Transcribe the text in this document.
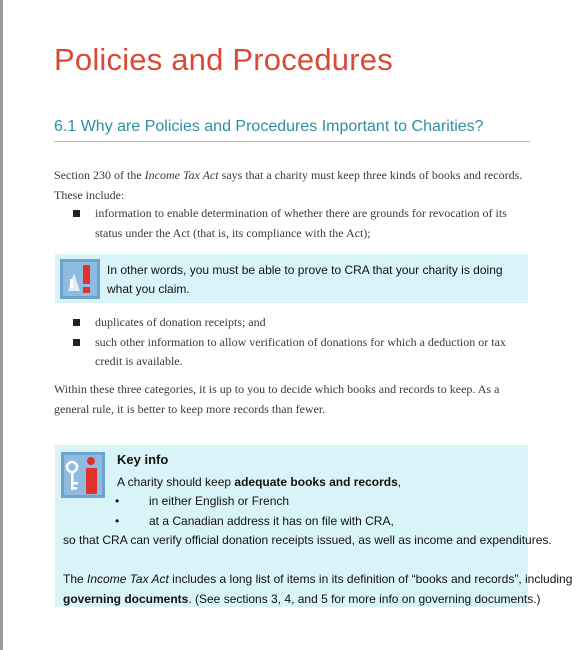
Policies and Procedures
6.1 Why are Policies and Procedures Important to Charities?
Section 230 of the Income Tax Act says that a charity must keep three kinds of books and records. These include:
information to enable determination of whether there are grounds for revocation of its status under the Act (that is, its compliance with the Act);
In other words, you must be able to prove to CRA that your charity is doing what you claim.
duplicates of donation receipts; and
such other information to allow verification of donations for which a deduction or tax credit is available.
Within these three categories, it is up to you to decide which books and records to keep. As a general rule, it is better to keep more records than fewer.
Key info
A charity should keep adequate books and records,
• in either English or French
• at a Canadian address it has on file with CRA,
so that CRA can verify official donation receipts issued, as well as income and expenditures.
The Income Tax Act includes a long list of items in its definition of “books and records”, including
governing documents. (See sections 3, 4, and 5 for more info on governing documents.)
